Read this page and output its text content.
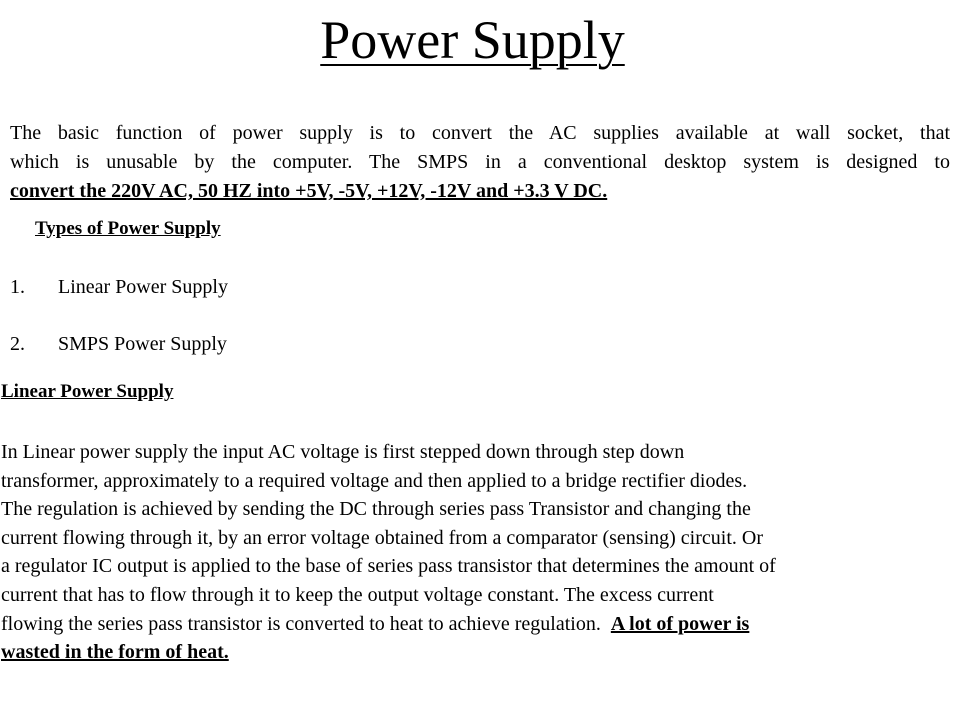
Power Supply
The basic function of power supply is to convert the AC supplies available at wall socket, that
which is unusable by the computer. The SMPS in a conventional desktop system is designed to
convert the 220V AC, 50 HZ into +5V, -5V, +12V, -12V and +3.3 V DC.
Types of Power Supply
1. Linear Power Supply
2. SMPS Power Supply
Linear Power Supply
In Linear power supply the input AC voltage is first stepped down through step down
transformer, approximately to a required voltage and then applied to a bridge rectifier diodes.
The regulation is achieved by sending the DC through series pass Transistor and changing the
current flowing through it, by an error voltage obtained from a comparator (sensing) circuit. Or
a regulator IC output is applied to the base of series pass transistor that determines the amount of
current that has to flow through it to keep the output voltage constant. The excess current
flowing the series pass transistor is converted to heat to achieve regulation.  A lot of power is
wasted in the form of heat.
